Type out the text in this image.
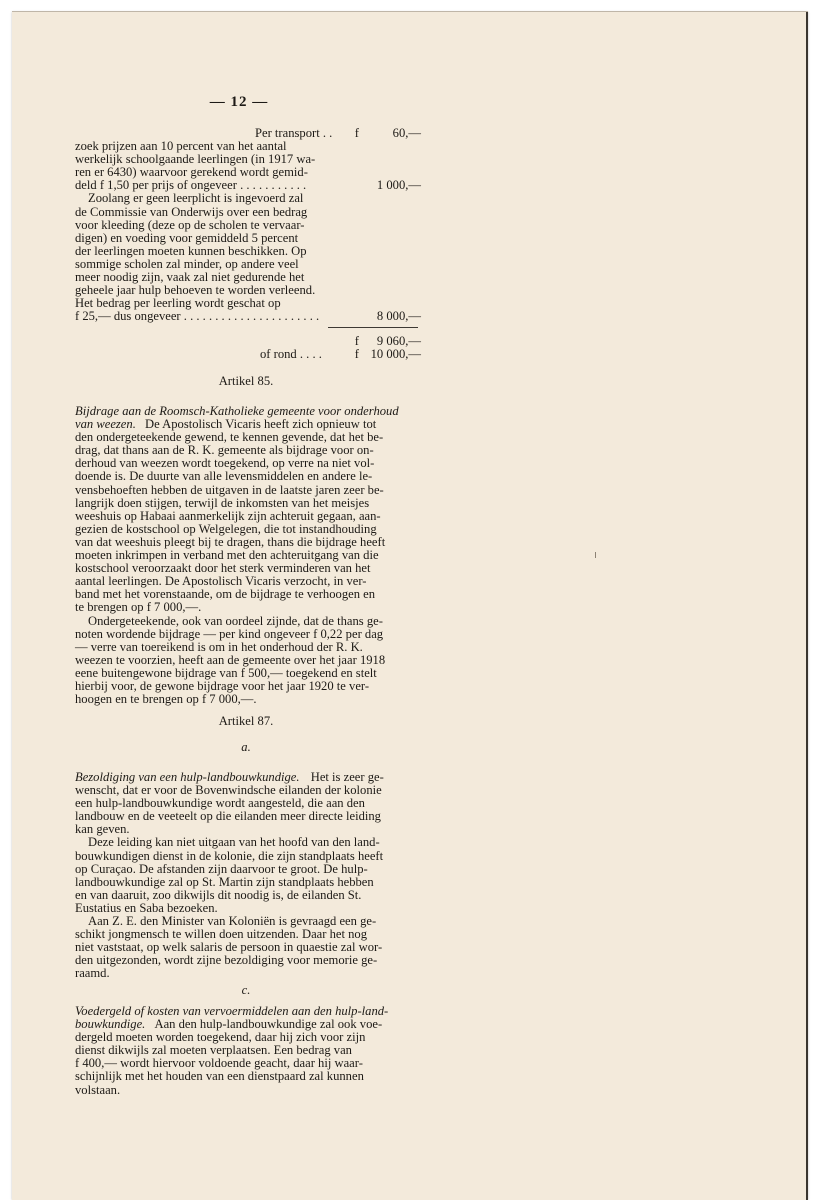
— 12 —
Per transport . . f	60,—
zoek prijzen aan 10 percent van het aantal
werkelijk schoolgaande leerlingen (in 1917 wa-
ren er 6430) waarvoor gerekend wordt gemid-
deld f 1,50 per prijs of ongeveer . . . . . . . . . . .	1 000,—
Zoolang er geen leerplicht is ingevoerd zal
de Commissie van Onderwijs over een bedrag
voor kleeding (deze op de scholen te vervaar-
digen) en voeding voor gemiddeld 5 percent
der leerlingen moeten kunnen beschikken. Op
sommige scholen zal minder, op andere veel
meer noodig zijn, vaak zal niet gedurende het
geheele jaar hulp behoeven te worden verleend.
Het bedrag per leerling wordt geschat op
f 25,— dus ongeveer . . . . . . . . . . . . . . . . . . . . . .	8 000,—
f 9 060,—
of rond . . . .	f 10 000,—
Artikel 85.
Bijdrage aan de Roomsch-Katholieke gemeente voor onderhoud
van weezen. De Apostolisch Vicaris heeft zich opnieuw tot
den ondergeteekende gewend, te kennen gevende, dat het be-
drag, dat thans aan de R. K. gemeente als bijdrage voor on-
derhoud van weezen wordt toegekend, op verre na niet vol-
doende is. De duurte van alle levensmiddelen en andere le-
vensbehoeften hebben de uitgaven in de laatste jaren zeer be-
langrijk doen stijgen, terwijl de inkomsten van het meisjes
weeshuis op Habaai aanmerkelijk zijn achteruit gegaan, aan-
gezien de kostschool op Welgelegen, die tot instandhouding
van dat weeshuis pleegt bij te dragen, thans die bijdrage heeft
moeten inkrimpen in verband met den achteruitgang van die
kostschool veroorzaakt door het sterk verminderen van het
aantal leerlingen. De Apostolisch Vicaris verzocht, in ver-
band met het vorenstaande, om de bijdrage te verhoogen en
te brengen op f 7 000,—.
Ondergeteekende, ook van oordeel zijnde, dat de thans ge-
noten wordende bijdrage — per kind ongeveer f 0,22 per dag
— verre van toereikend is om in het onderhoud der R. K.
weezen te voorzien, heeft aan de gemeente over het jaar 1918
eene buitengewone bijdrage van f 500,— toegekend en stelt
hierbij voor, de gewone bijdrage voor het jaar 1920 te ver-
hoogen en te brengen op f 7 000,—.
Artikel 87.
a.
Bezoldiging van een hulp-landbouwkundige. Het is zeer ge-
wenscht, dat er voor de Bovenwindsche eilanden der kolonie
een hulp-landbouwkundige wordt aangesteld, die aan den
landbouw en de veeteelt op die eilanden meer directe leiding
kan geven.
Deze leiding kan niet uitgaan van het hoofd van den land-
bouwkundigen dienst in de kolonie, die zijn standplaats heeft
op Curaçao. De afstanden zijn daarvoor te groot. De hulp-
landbouwkundige zal op St. Martin zijn standplaats hebben
en van daaruit, zoo dikwijls dit noodig is, de eilanden St.
Eustatius en Saba bezoeken.
Aan Z. E. den Minister van Koloniën is gevraagd een ge-
schikt jongmensch te willen doen uitzenden. Daar het nog
niet vaststaat, op welk salaris de persoon in quaestie zal wor-
den uitgezonden, wordt zijne bezoldiging voor memorie ge-
raamd.
c.
Voedergeld of kosten van vervoermiddelen aan den hulp-land-
bouwkundige. Aan den hulp-landbouwkundige zal ook voe-
dergeld moeten worden toegekend, daar hij zich voor zijn
dienst dikwijls zal moeten verplaatsen. Een bedrag van
f 400,— wordt hiervoor voldoende geacht, daar hij waar-
schijnlijk met het houden van een dienstpaard zal kunnen
volstaan.
